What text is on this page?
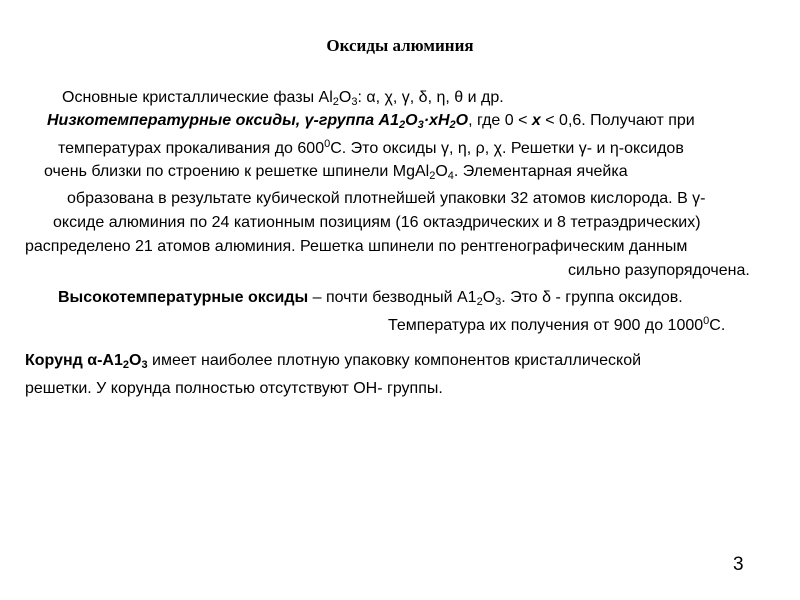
Оксиды алюминия
Основные кристаллические фазы $Al_2O_3$: α, χ, γ, δ, η, θ и др.
Низкотемпературные оксиды, γ-группа $А1_2O_3\cdot хН_2О$, где 0 < х < 0,6. Получают при
температурах прокаливания до $600^0С$. Это оксиды γ, η, ρ, χ. Решетки γ- и η-оксидов
очень близки по строению к решетке шпинели $MgAl_2O_4$. Элементарная ячейка
образована в результате кубической плотнейшей упаковки 32 атомов кислорода. В γ-
оксиде алюминия по 24 катионным позициям (16 октаэдрических и 8 тетраэдрических)
распределено 21 атомов алюминия. Решетка шпинели по рентгенографическим данным
сильно разупорядочена.
Высокотемпературные оксиды – почти безводный $А1_2О_3$. Это δ - группа оксидов.
Температура их получения от 900 до 1000$^0$С.
Корунд $\alpha-А1_2О_3$ имеет наиболее плотную упаковку компонентов кристаллической
решетки. У корунда полностью отсутствуют ОН- группы.
3
